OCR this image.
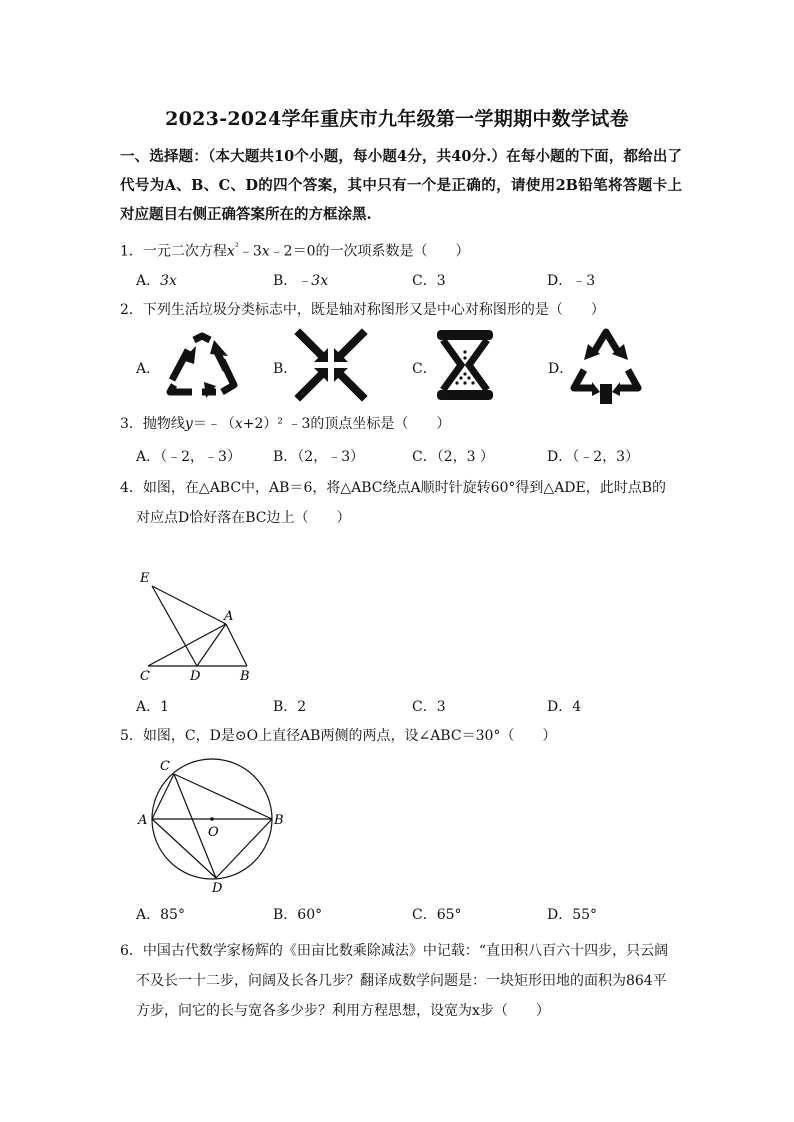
2023-2024学年重庆市九年级第一学期期中数学试卷
一、选择题：（本大题共10个小题，每小题4分，共40分.）在每小题的下面，都给出了代号为A、B、C、D的四个答案，其中只有一个是正确的，请使用2B铅笔将答题卡上对应题目右侧正确答案所在的方框涂黑.
1．一元二次方程$x^{^2}﹣3x﹣2=0$的一次项系数是（　　）
A．3x	B．﹣3x	C．3	D．﹣3
2．下列生活垃圾分类标志中，既是轴对称图形又是中心对称图形的是（　　）
A．	B．	C．	D．
3．抛物线y＝﹣（x+2）² ﹣3的顶点坐标是（　　）
A．（﹣2，﹣3） B．（2，﹣3）	C．（2，3 ）	D．（﹣2，3）
4．如图，在△ABC中，AB＝6，将△ABC绕点A顺时针旋转60°得到△ADE，此时点B的
对应点D恰好落在BC边上（　　）
E
A
C	D	B
A．1	B．2	C．3	D．4
5．如图，C，D是⊙O上直径AB两侧的两点，设∠ABC＝30°（　　）
C
A
O
B
D
A．85°	B．60°	C．65°	D．55°
6．中国古代数学家杨辉的《田亩比数乘除减法》中记载：“直田积八百六十四步，只云阔
不及长一十二步，问阔及长各几步？翻译成数学问题是：一块矩形田地的面积为864平
方步，问它的长与宽各多少步？利用方程思想，设宽为x步（　　）
